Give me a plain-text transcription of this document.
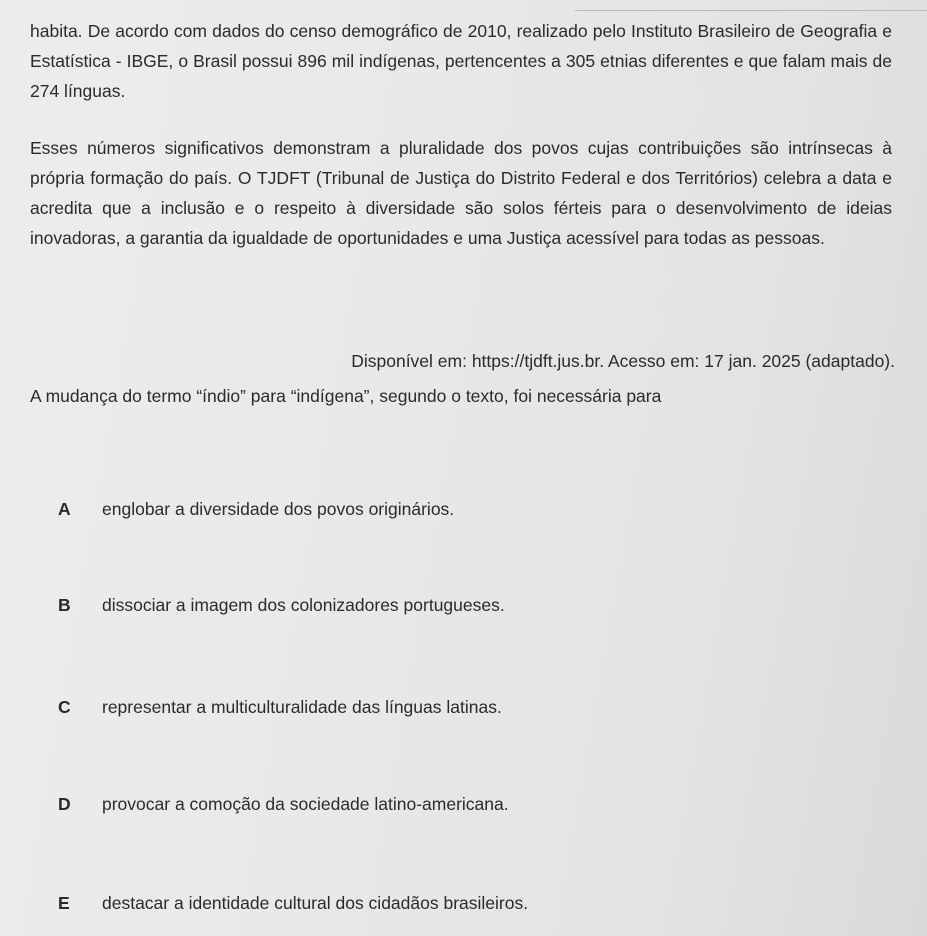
habita. De acordo com dados do censo demográfico de 2010, realizado pelo Instituto Brasileiro de Geografia e Estatística - IBGE, o Brasil possui 896 mil indígenas, pertencentes a 305 etnias diferentes e que falam mais de 274 línguas.

Esses números significativos demonstram a pluralidade dos povos cujas contribuições são intrínsecas à própria formação do país. O TJDFT (Tribunal de Justiça do Distrito Federal e dos Territórios) celebra a data e acredita que a inclusão e o respeito à diversidade são solos férteis para o desenvolvimento de ideias inovadoras, a garantia da igualdade de oportunidades e uma Justiça acessível para todas as pessoas.

Disponível em: https://tjdft.jus.br. Acesso em: 17 jan. 2025 (adaptado).

A mudança do termo “índio” para “indígena”, segundo o texto, foi necessária para

A	englobar a diversidade dos povos originários.
B	dissociar a imagem dos colonizadores portugueses.
C	representar a multiculturalidade das línguas latinas.
D	provocar a comoção da sociedade latino-americana.
E	destacar a identidade cultural dos cidadãos brasileiros.
